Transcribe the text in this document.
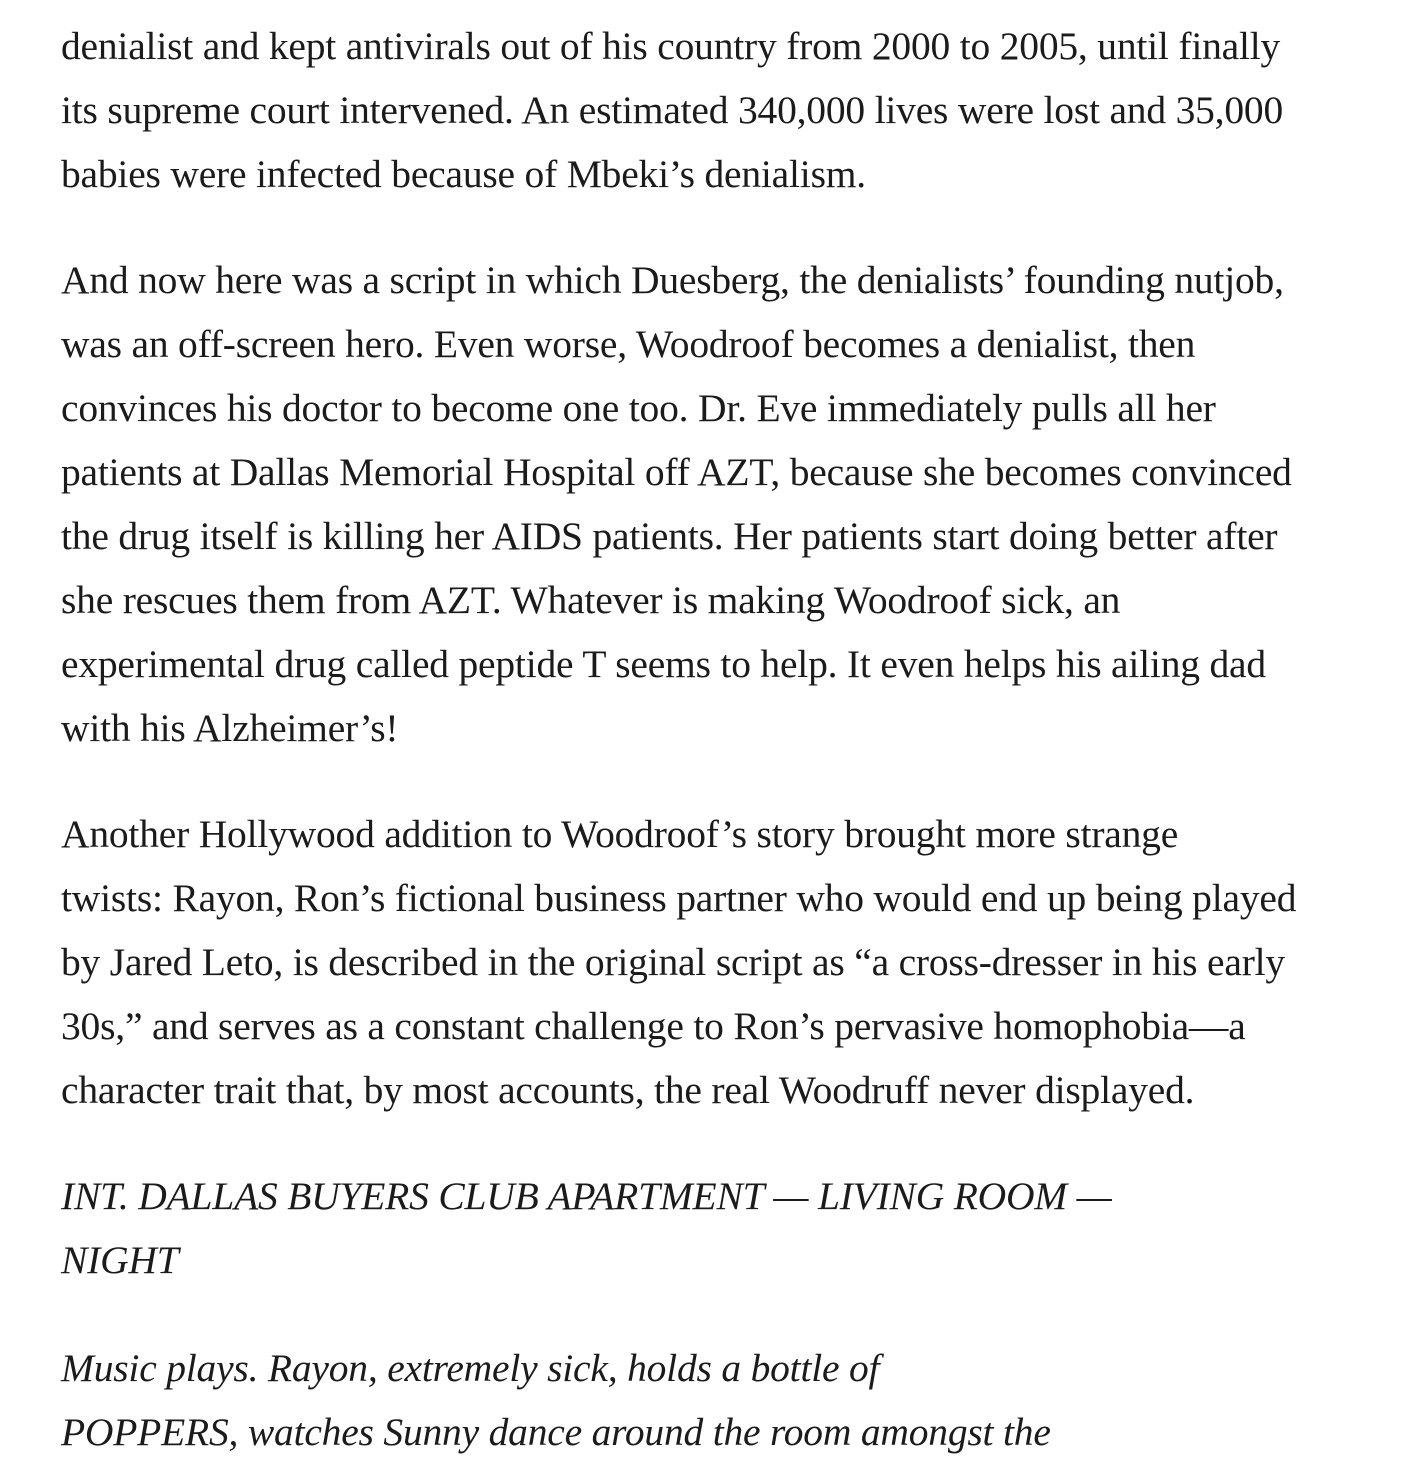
denialist and kept antivirals out of his country from 2000 to 2005, until finally
its supreme court intervened. An estimated 340,000 lives were lost and 35,000
babies were infected because of Mbeki’s denialism.
And now here was a script in which Duesberg, the denialists’ founding nutjob,
was an off-screen hero. Even worse, Woodroof becomes a denialist, then
convinces his doctor to become one too. Dr. Eve immediately pulls all her
patients at Dallas Memorial Hospital off AZT, because she becomes convinced
the drug itself is killing her AIDS patients. Her patients start doing better after
she rescues them from AZT. Whatever is making Woodroof sick, an
experimental drug called peptide T seems to help. It even helps his ailing dad
with his Alzheimer’s!
Another Hollywood addition to Woodroof’s story brought more strange
twists: Rayon, Ron’s fictional business partner who would end up being played
by Jared Leto, is described in the original script as “a cross-dresser in his early
30s,” and serves as a constant challenge to Ron’s pervasive homophobia—a
character trait that, by most accounts, the real Woodruff never displayed.
INT. DALLAS BUYERS CLUB APARTMENT — LIVING ROOM —
NIGHT
Music plays. Rayon, extremely sick, holds a bottle of
POPPERS, watches Sunny dance around the room amongst the
